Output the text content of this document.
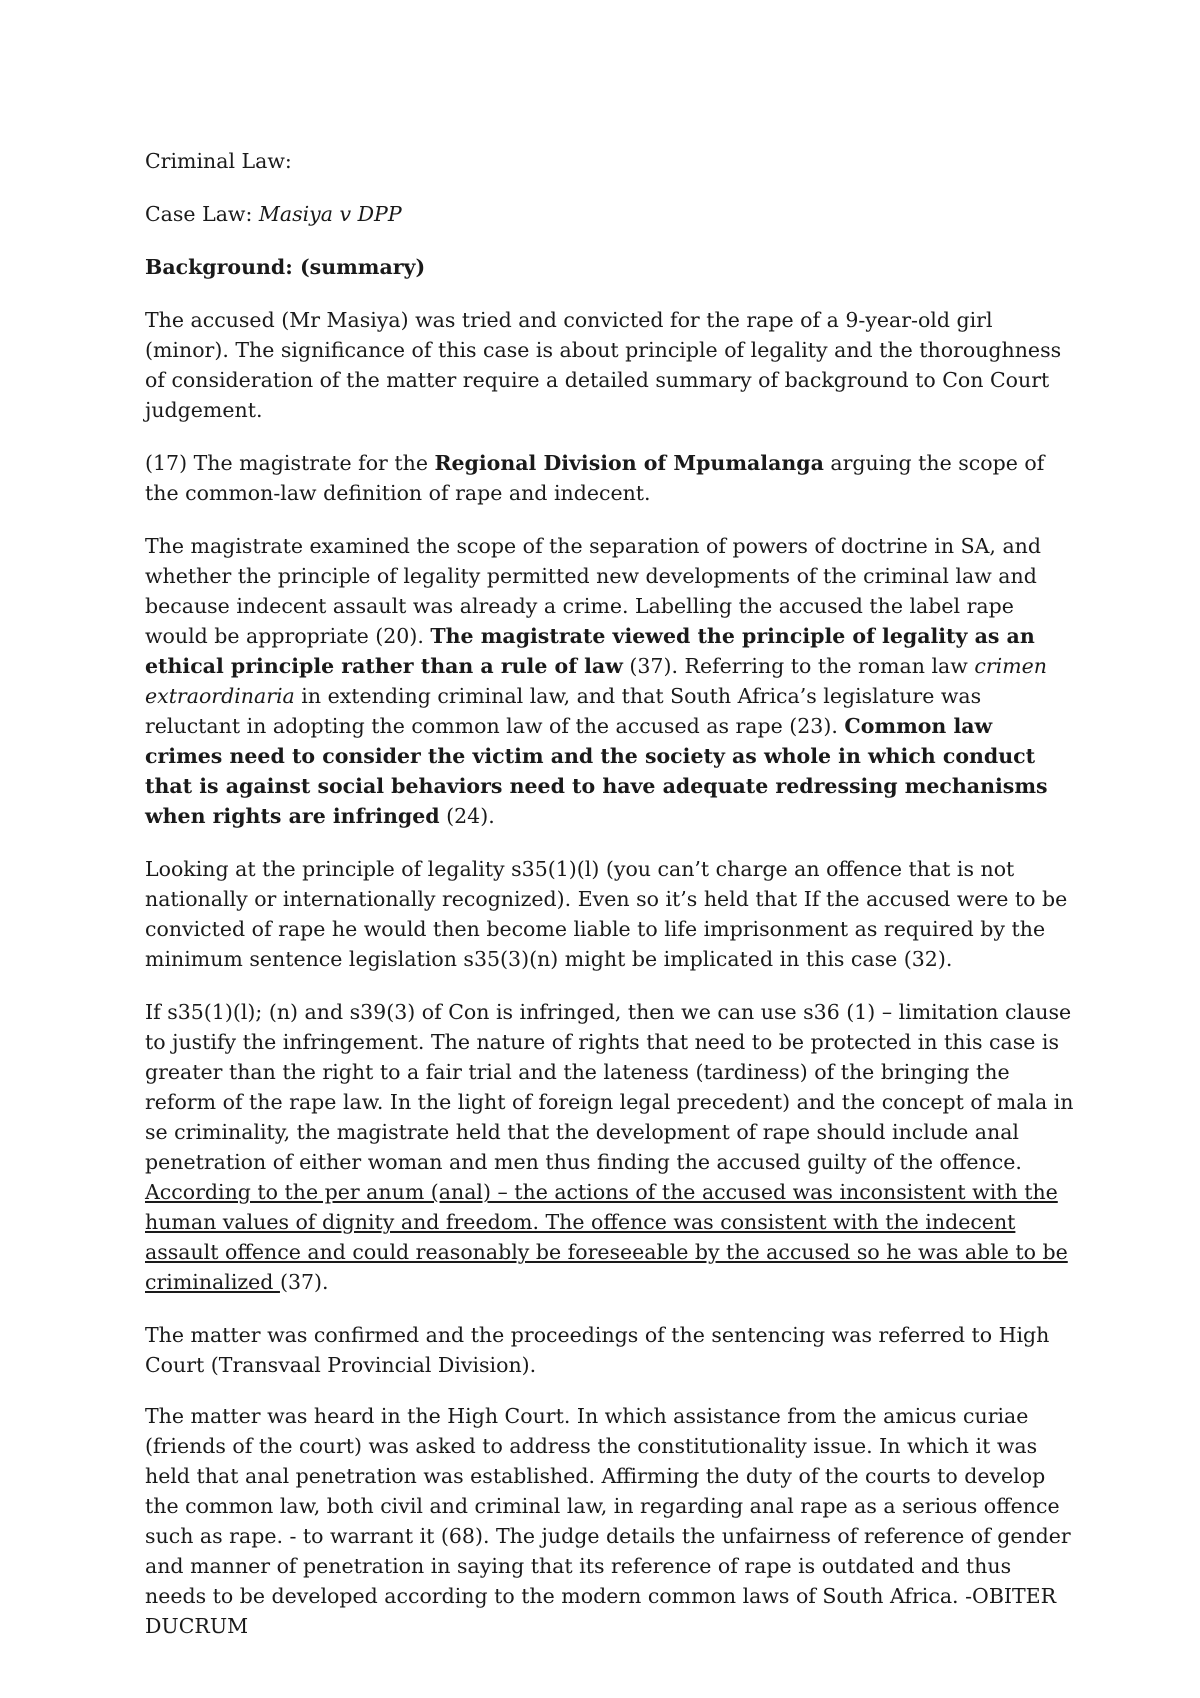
Criminal Law:

Case Law: Masiya v DPP

Background: (summary)

The accused (Mr Masiya) was tried and convicted for the rape of a 9-year-old girl (minor). The significance of this case is about principle of legality and the thoroughness of consideration of the matter require a detailed summary of background to Con Court judgement.

(17) The magistrate for the Regional Division of Mpumalanga arguing the scope of the common-law definition of rape and indecent.

The magistrate examined the scope of the separation of powers of doctrine in SA, and whether the principle of legality permitted new developments of the criminal law and because indecent assault was already a crime. Labelling the accused the label rape would be appropriate (20). The magistrate viewed the principle of legality as an ethical principle rather than a rule of law (37). Referring to the roman law crimen extraordinaria in extending criminal law, and that South Africa’s legislature was reluctant in adopting the common law of the accused as rape (23). Common law crimes need to consider the victim and the society as whole in which conduct that is against social behaviors need to have adequate redressing mechanisms when rights are infringed (24).

Looking at the principle of legality s35(1)(l) (you can’t charge an offence that is not nationally or internationally recognized). Even so it’s held that If the accused were to be convicted of rape he would then become liable to life imprisonment as required by the minimum sentence legislation s35(3)(n) might be implicated in this case (32).

If s35(1)(l); (n) and s39(3) of Con is infringed, then we can use s36 (1) – limitation clause to justify the infringement. The nature of rights that need to be protected in this case is greater than the right to a fair trial and the lateness (tardiness) of the bringing the reform of the rape law. In the light of foreign legal precedent) and the concept of mala in se criminality, the magistrate held that the development of rape should include anal penetration of either woman and men thus finding the accused guilty of the offence. According to the per anum (anal) – the actions of the accused was inconsistent with the human values of dignity and freedom. The offence was consistent with the indecent assault offence and could reasonably be foreseeable by the accused so he was able to be criminalized (37).

The matter was confirmed and the proceedings of the sentencing was referred to High Court (Transvaal Provincial Division).

The matter was heard in the High Court. In which assistance from the amicus curiae (friends of the court) was asked to address the constitutionality issue. In which it was held that anal penetration was established. Affirming the duty of the courts to develop the common law, both civil and criminal law, in regarding anal rape as a serious offence such as rape. - to warrant it (68). The judge details the unfairness of reference of gender and manner of penetration in saying that its reference of rape is outdated and thus needs to be developed according to the modern common laws of South Africa. -OBITER DUCRUM
